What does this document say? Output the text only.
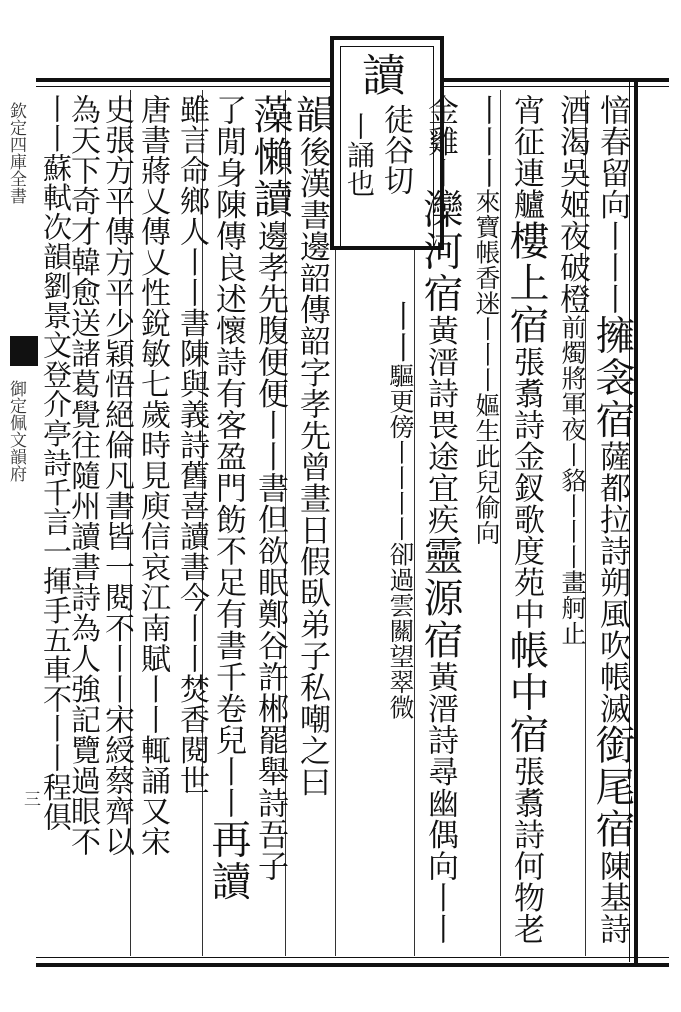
欽定四庫全書
御定佩文韻府
三
讀
徒谷切
丨誦也	愔春留向丨丨丨擁衾宿薩都拉詩朔風吹帳滅銜尾宿陳基詩
酒渴吳姬夜破橙前燭將軍夜丨貉丨丨丨畫舸止
宵征連艫樓上宿張翥詩金釵歌度苑中帳中宿張翥詩何物老
丨丨丨來寶帳香迷丨丨丨嫗生此兒偷向
金雞丨灤河宿黃溍詩畏途宜疾靈源宿黃溍詩尋幽偶向丨丨
丨丨驅更傍丨丨丨丨卻過雲關望翠微
韻後漢書邊韶傳韶字孝先曾晝日假臥弟子私嘲之曰
藻懶讀邊孝先腹便便丨丨書但欲眠鄭谷許郴罷舉詩吾子
了閒身陳傳良述懷詩有客盈門飭不足有書千卷兒丨丨再讀
雖言命鄉人丨丨書陳與義詩舊喜讀書今丨丨焚香閱世
唐書蔣乂傳乂性銳敏七歲時見庾信哀江南賦丨丨輒誦又宋
史張方平傳方平少穎悟絕倫凡書皆一閱不丨丨宋綬蔡齊以
為天下奇才韓愈送諸葛覺往隨州讀書詩為人強記覽過眼不
丨丨蘇軾次韻劉景文登介亭詩千言一揮手五車不丨丨程俱
